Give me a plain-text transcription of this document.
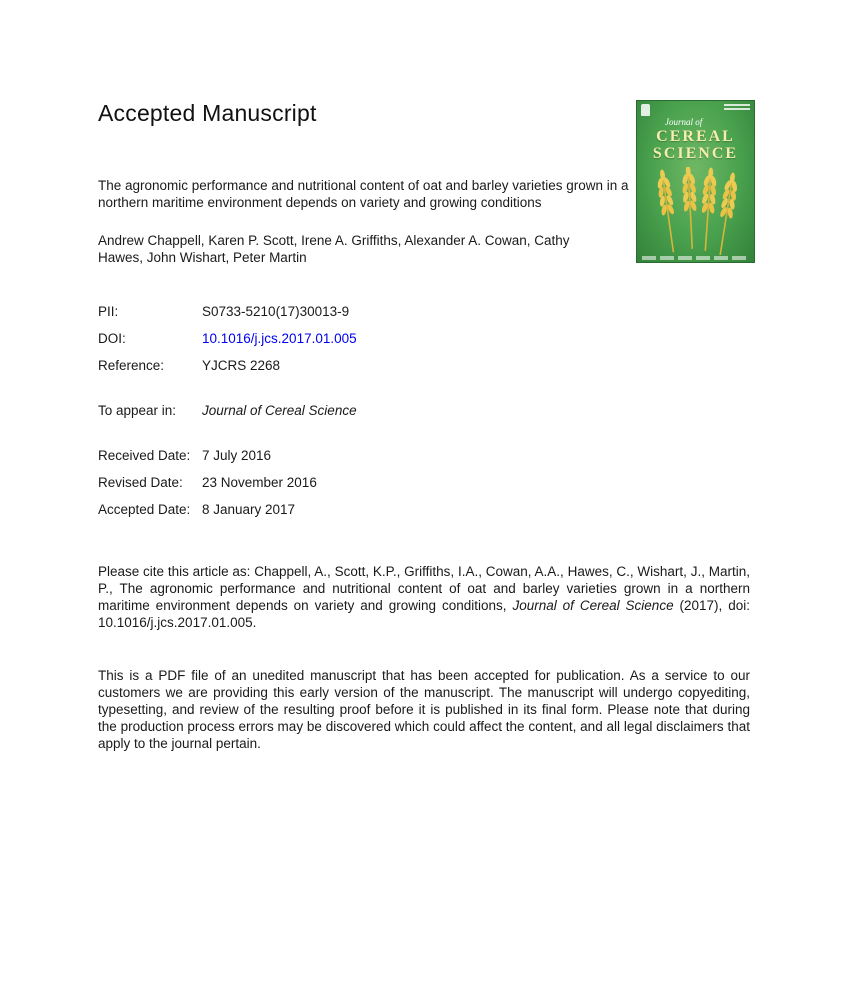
Accepted Manuscript

The agronomic performance and nutritional content of oat and barley varieties grown in a northern maritime environment depends on variety and growing conditions

Andrew Chappell, Karen P. Scott, Irene A. Griffiths, Alexander A. Cowan, Cathy Hawes, John Wishart, Peter Martin

PII:	S0733-5210(17)30013-9
DOI:	10.1016/j.jcs.2017.01.005
Reference:	YJCRS 2268
To appear in:	Journal of Cereal Science
Received Date: 7 July 2016
Revised Date:	23 November 2016
Accepted Date: 8 January 2017

Please cite this article as: Chappell, A., Scott, K.P., Griffiths, I.A., Cowan, A.A., Hawes, C., Wishart, J., Martin, P., The agronomic performance and nutritional content of oat and barley varieties grown in a northern maritime environment depends on variety and growing conditions, Journal of Cereal Science (2017), doi: 10.1016/j.jcs.2017.01.005.

This is a PDF file of an unedited manuscript that has been accepted for publication. As a service to our customers we are providing this early version of the manuscript. The manuscript will undergo copyediting, typesetting, and review of the resulting proof before it is published in its final form. Please note that during the production process errors may be discovered which could affect the content, and all legal disclaimers that apply to the journal pertain.

Journal of
CEREAL
SCIENCE
